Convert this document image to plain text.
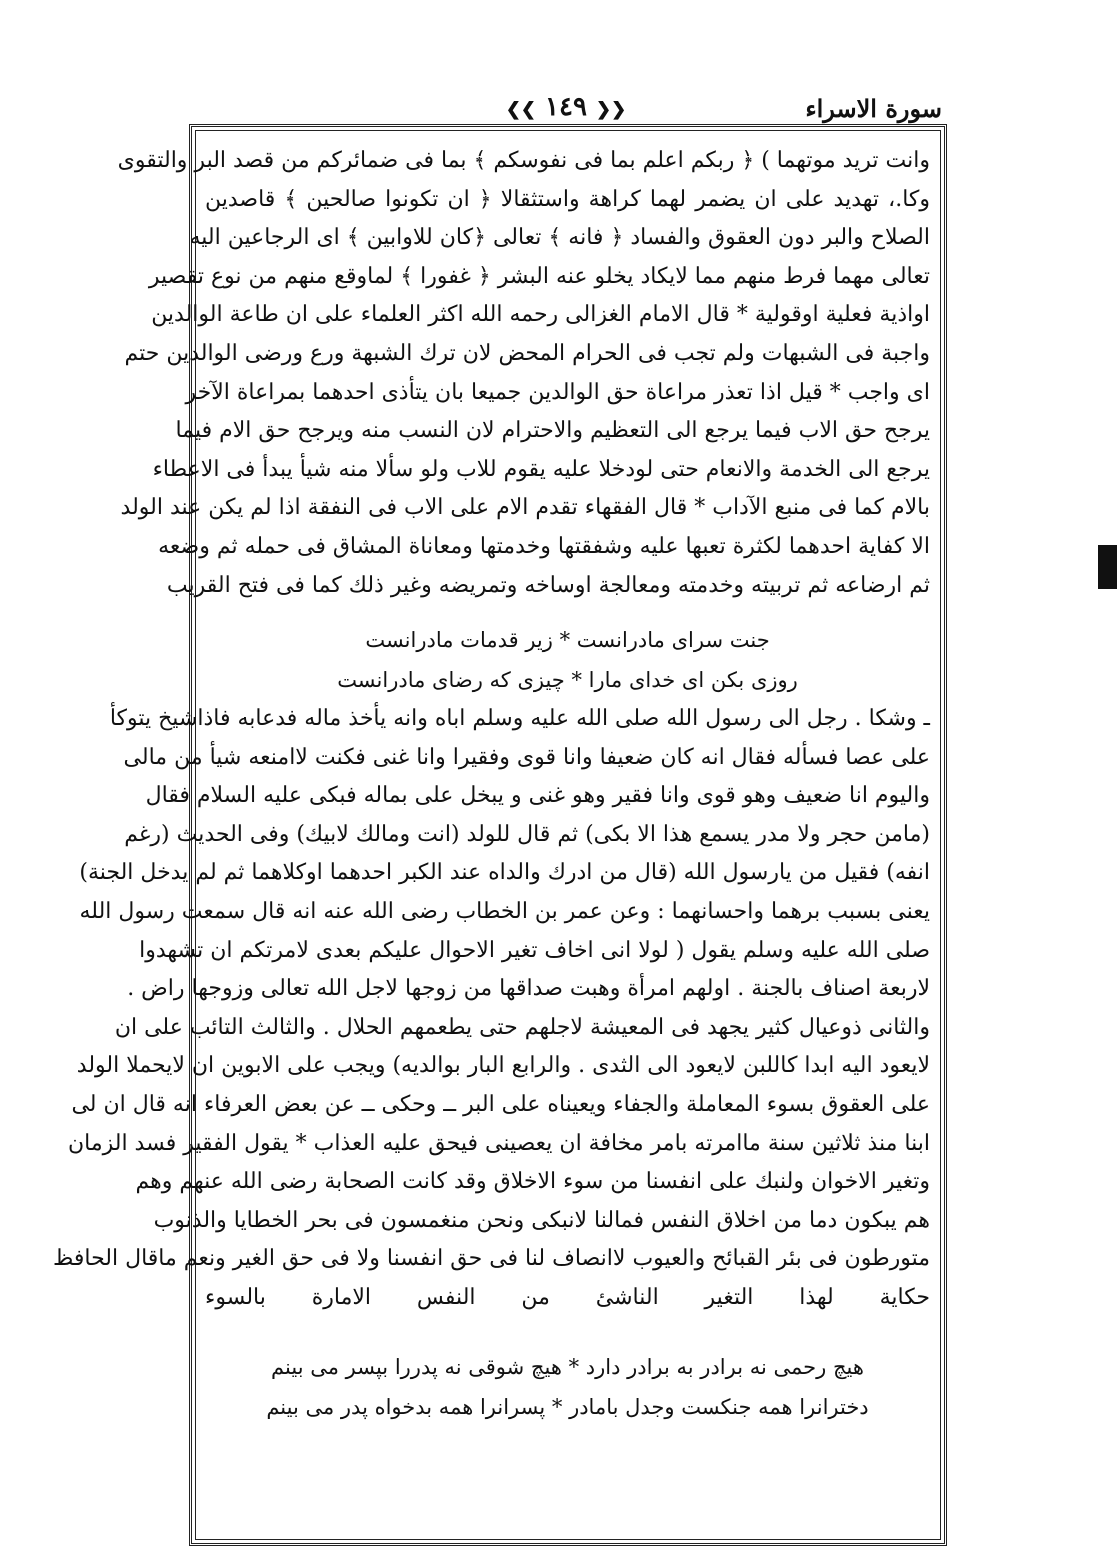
سورة الاسراء
❮❮ ١٤٩ ❯❯
وانت تريد موتهما ) ﴿ ربكم اعلم بما فى نفوسكم ﴾ بما فى ضمائركم من قصد البر والتقوى
وكا.، تهديد على ان يضمر لهما كراهة واستثقالا ﴿ ان تكونوا صالحين ﴾ قاصدين
الصلاح والبر دون العقوق والفساد ﴿ فانه ﴾ تعالى ﴿كان للاوابين ﴾ اى الرجاعين اليه
تعالى مهما فرط منهم مما لايكاد يخلو عنه البشر ﴿ غفورا ﴾ لماوقع منهم من نوع تقصير
اواذية فعلية اوقولية * قال الامام الغزالى رحمه الله اكثر العلماء على ان طاعة الوالدين
واجبة فى الشبهات ولم تجب فى الحرام المحض لان ترك الشبهة ورع ورضى الوالدين حتم
اى واجب * قيل اذا تعذر مراعاة حق الوالدين جميعا بان يتأذى احدهما بمراعاة الآخر
يرجح حق الاب فيما يرجع الى التعظيم والاحترام لان النسب منه ويرجح حق الام فيما
يرجع الى الخدمة والانعام حتى لودخلا عليه يقوم للاب ولو سألا منه شيأ يبدأ فى الاعطاء
بالام كما فى منبع الآداب * قال الفقهاء تقدم الام على الاب فى النفقة اذا لم يكن عند الولد
الا كفاية احدهما لكثرة تعبها عليه وشفقتها وخدمتها ومعاناة المشاق فى حمله ثم وضعه
ثم ارضاعه ثم تربيته وخدمته ومعالجة اوساخه وتمريضه وغير ذلك كما فى فتح القريب
جنت سراى مادرانست * زير قدمات مادرانست
روزى بكن اى خداى مارا * چيزى كه رضاى مادرانست
ـ وشكا . رجل الى رسول الله صلى الله عليه وسلم اباه وانه يأخذ ماله فدعابه فاذاشيخ يتوكأ
على عصا فسأله فقال انه كان ضعيفا وانا قوى وفقيرا وانا غنى فكنت لاامنعه شيأ من مالى
واليوم انا ضعيف وهو قوى وانا فقير وهو غنى و يبخل على بماله فبكى عليه السلام فقال
(مامن حجر ولا مدر يسمع هذا الا بكى) ثم قال للولد (انت ومالك لابيك) وفى الحديث (رغم
انفه) فقيل من يارسول الله (قال من ادرك والداه عند الكبر احدهما اوكلاهما ثم لم يدخل الجنة)
يعنى بسبب برهما واحسانهما : وعن عمر بن الخطاب رضى الله عنه انه قال سمعت رسول الله
صلى الله عليه وسلم يقول ( لولا انى اخاف تغير الاحوال عليكم بعدى لامرتكم ان تشهدوا
لاربعة اصناف بالجنة . اولهم امرأة وهبت صداقها من زوجها لاجل الله تعالى وزوجها راض .
والثانى ذوعيال كثير يجهد فى المعيشة لاجلهم حتى يطعمهم الحلال . والثالث التائب على ان
لايعود اليه ابدا كاللبن لايعود الى الثدى . والرابع البار بوالديه) ويجب على الابوين ان لايحملا الولد
على العقوق بسوء المعاملة والجفاء ويعيناه على البر ــ وحكى ــ عن بعض العرفاء انه قال ان لى
ابنا منذ ثلاثين سنة ماامرته بامر مخافة ان يعصينى فيحق عليه العذاب * يقول الفقير فسد الزمان
وتغير الاخوان ولنبك على انفسنا من سوء الاخلاق وقد كانت الصحابة رضى الله عنهم وهم
هم يبكون دما من اخلاق النفس فمالنا لانبكى ونحن منغمسون فى بحر الخطايا والذنوب
متورطون فى بئر القبائح والعيوب لاانصاف لنا فى حق انفسنا ولا فى حق الغير ونعم ماقال الحافظ
حكاية لهذا التغير الناشئ من النفس الامارة بالسوء
هيچ رحمى نه برادر به برادر دارد * هيچ شوقى نه پدررا بپسر مى بينم
دخترانرا همه جنكست وجدل بامادر * پسرانرا همه بدخواه پدر مى بينم
